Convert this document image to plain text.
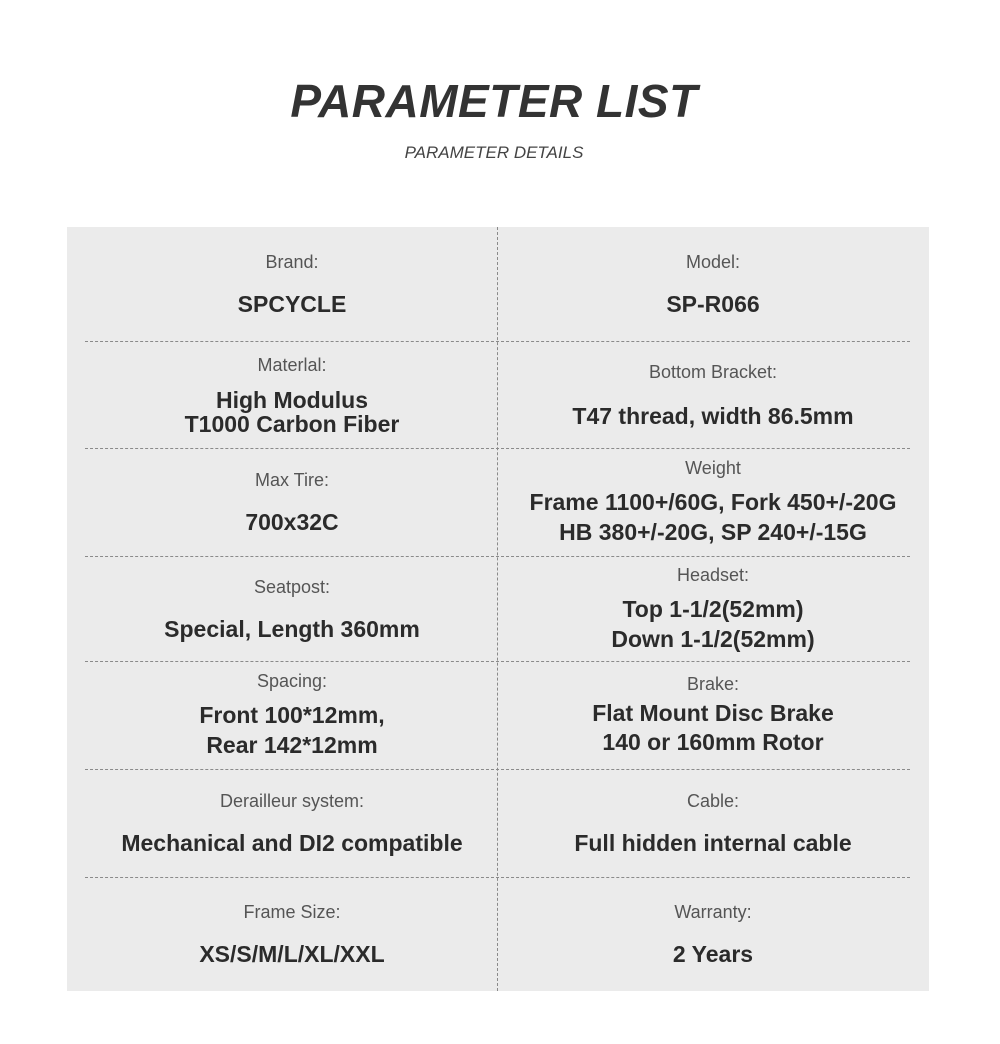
PARAMETER LIST
PARAMETER DETAILS
Brand:
SPCYCLE
Model:
SP-R066
Materlal:
High Modulus
T1000 Carbon Fiber
Bottom Bracket:
T47 thread, width 86.5mm
Max Tire:
700x32C
Weight
Frame 1100+/60G, Fork 450+/-20G
HB 380+/-20G, SP 240+/-15G
Seatpost:
Special, Length 360mm
Headset:
Top 1-1/2(52mm)
Down 1-1/2(52mm)
Spacing:
Front 100*12mm,
Rear 142*12mm
Brake:
Flat Mount Disc Brake
140 or 160mm Rotor
Derailleur system:
Mechanical and DI2 compatible
Cable:
Full hidden internal cable
Frame Size:
XS/S/M/L/XL/XXL
Warranty:
2 Years
